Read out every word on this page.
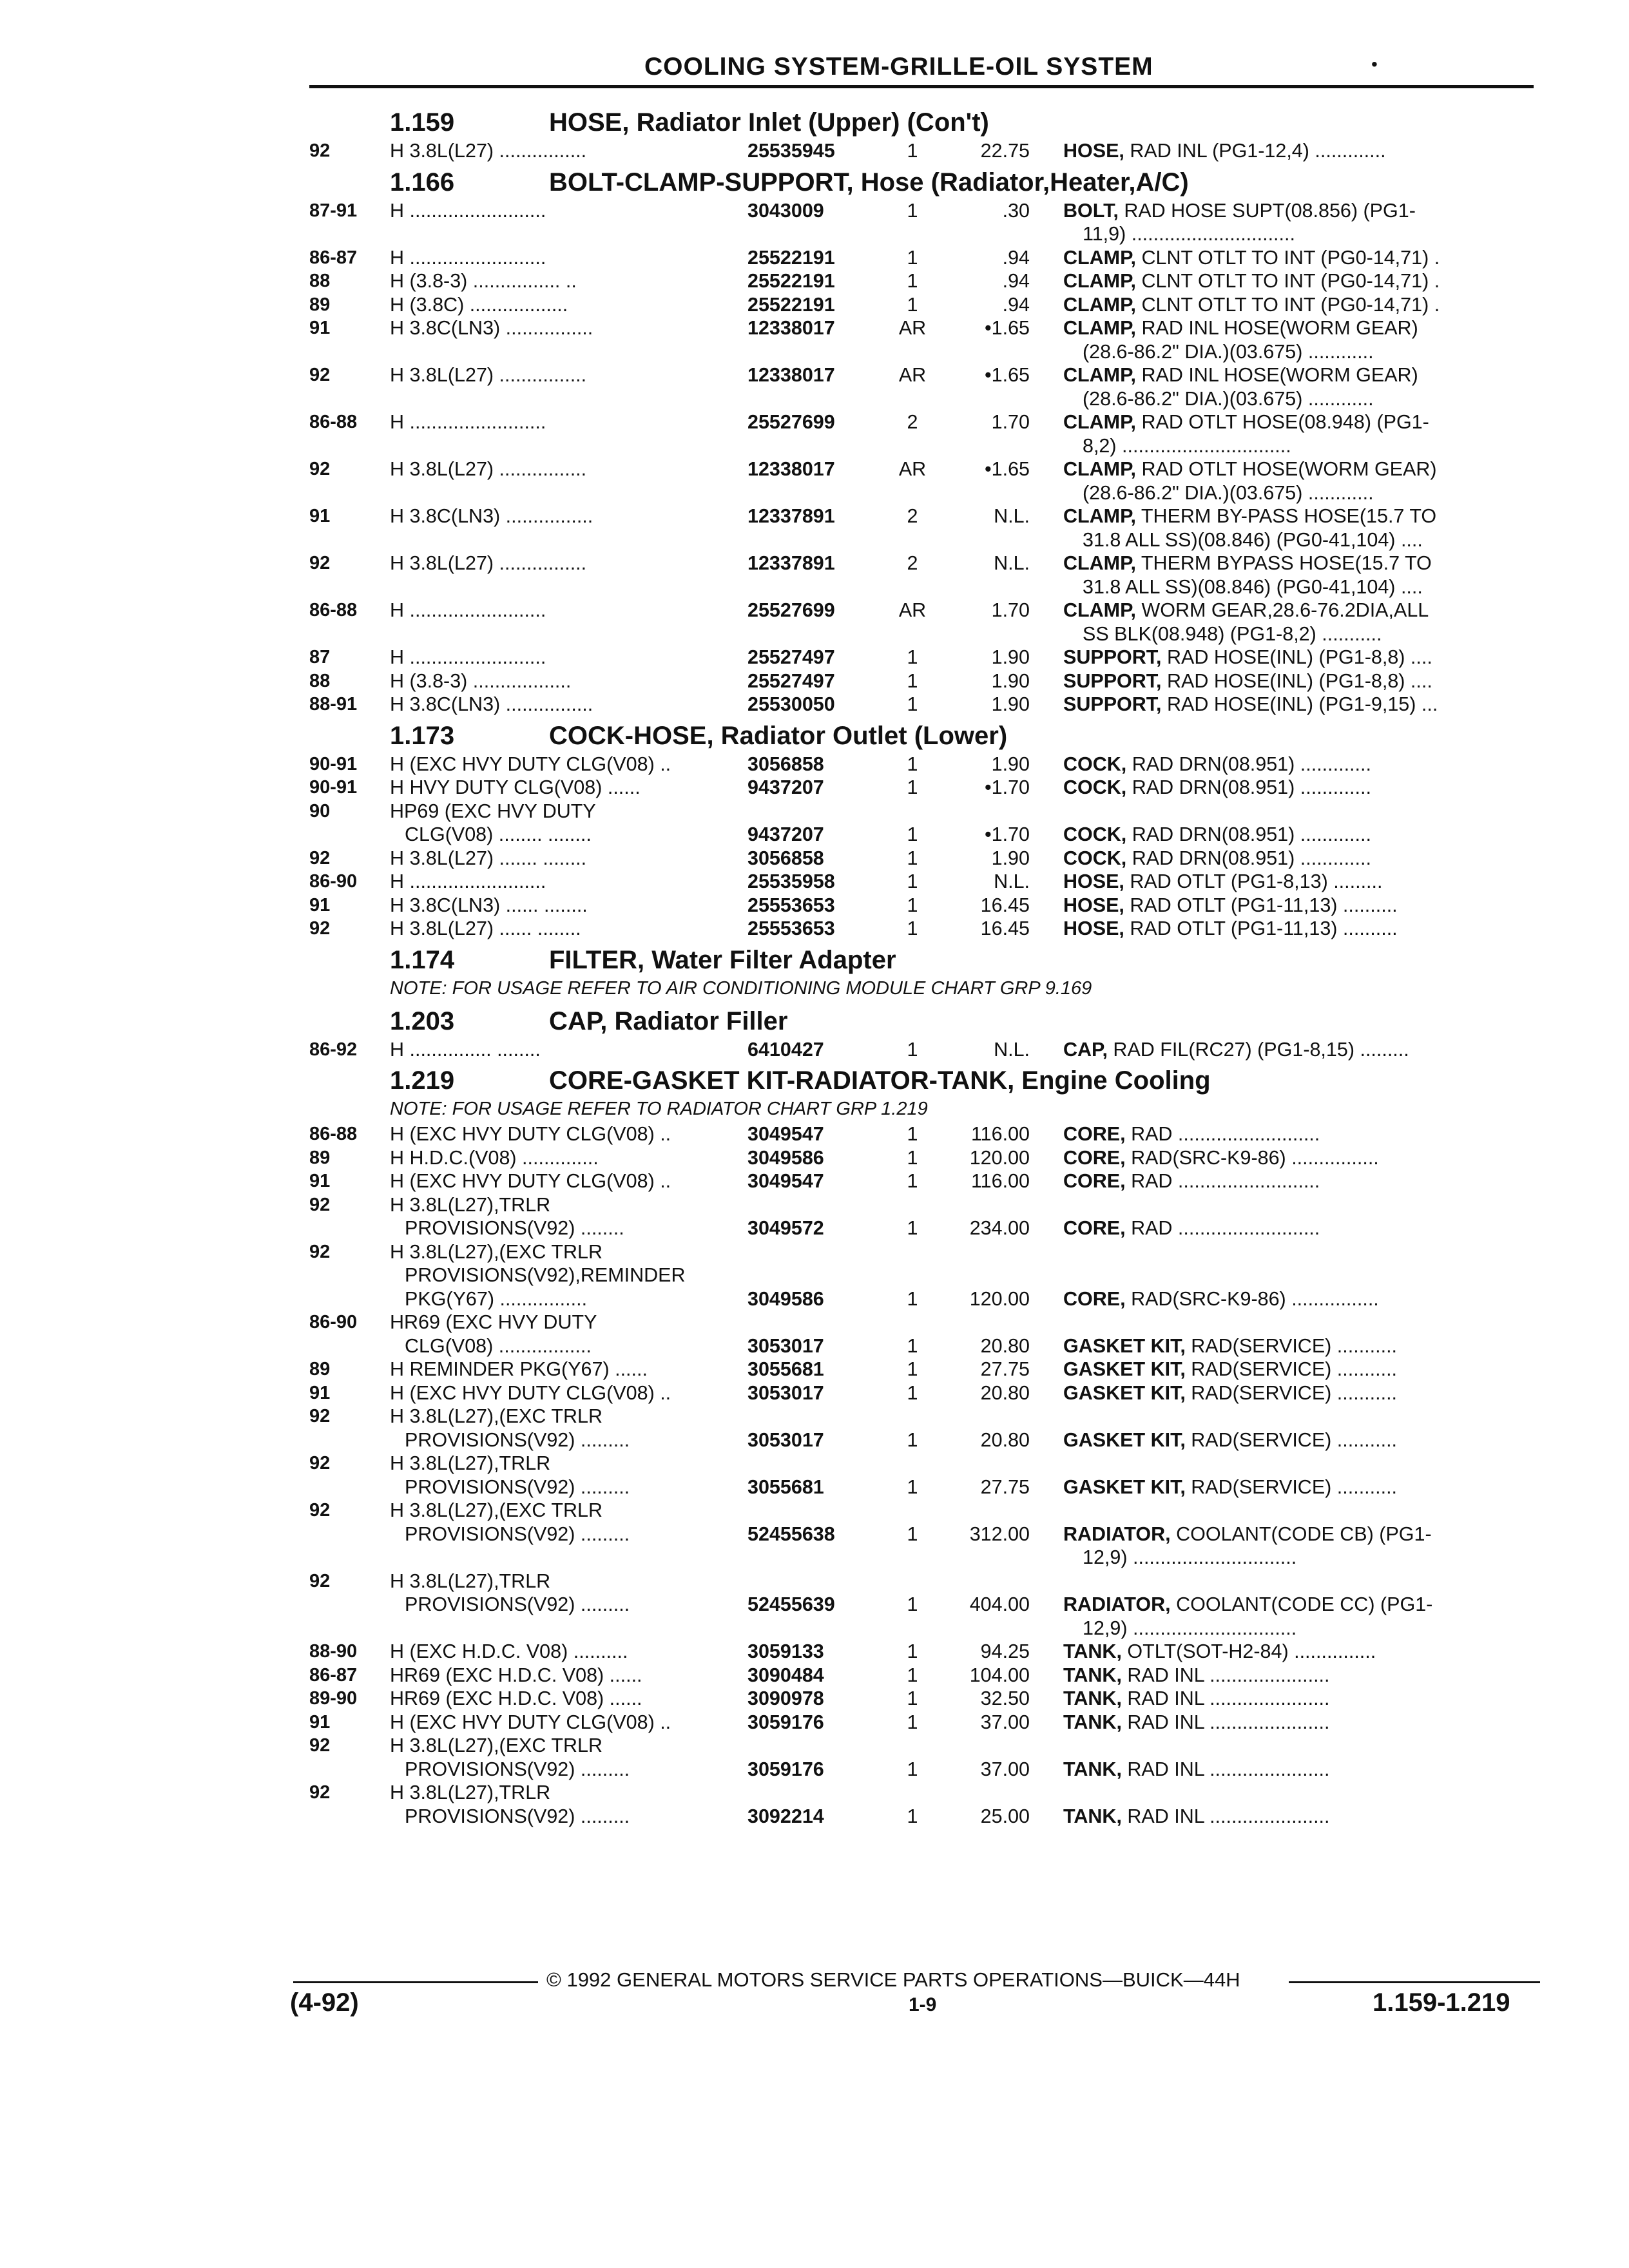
COOLING SYSTEM-GRILLE-OIL SYSTEM	•
1.159	HOSE, Radiator Inlet (Upper) (Con't)
92	H 3.8L(L27) ................	25535945	1	22.75 HOSE, RAD INL (PG1-12,4) .............
1.166	BOLT-CLAMP-SUPPORT, Hose (Radiator,Heater,A/C)
87-91 H .........................	3043009	1	.30 BOLT, RAD HOSE SUPT(08.856) (PG1-
11,9) ..............................
86-87 H .........................	25522191	1	.94 CLAMP, CLNT OTLT TO INT (PG0-14,71) .
88	H (3.8-3) ................ ..	25522191	1	.94 CLAMP, CLNT OTLT TO INT (PG0-14,71) .
89	H (3.8C) ..................	25522191	1	.94 CLAMP, CLNT OTLT TO INT (PG0-14,71) .
91	H 3.8C(LN3) ................	12338017	AR	•1.65 CLAMP, RAD INL HOSE(WORM GEAR)
(28.6-86.2" DIA.)(03.675) ............
92	H 3.8L(L27) ................	12338017	AR	•1.65 CLAMP, RAD INL HOSE(WORM GEAR)
(28.6-86.2" DIA.)(03.675) ............
86-88 H .........................	25527699	2	1.70 CLAMP, RAD OTLT HOSE(08.948) (PG1-
8,2) ...............................
92	H 3.8L(L27) ................	12338017	AR	•1.65 CLAMP, RAD OTLT HOSE(WORM GEAR)
(28.6-86.2" DIA.)(03.675) ............
91	H 3.8C(LN3) ................	12337891	2	N.L. CLAMP, THERM BY-PASS HOSE(15.7 TO
31.8 ALL SS)(08.846) (PG0-41,104) ....
92	H 3.8L(L27) ................	12337891	2	N.L. CLAMP, THERM BYPASS HOSE(15.7 TO
31.8 ALL SS)(08.846) (PG0-41,104) ....
86-88 H .........................	25527699	AR	1.70 CLAMP, WORM GEAR,28.6-76.2DIA,ALL
SS BLK(08.948) (PG1-8,2) ...........
87	H .........................	25527497	1	1.90 SUPPORT, RAD HOSE(INL) (PG1-8,8) ....
88	H (3.8-3) ..................	25527497	1	1.90 SUPPORT, RAD HOSE(INL) (PG1-8,8) ....
88-91 H 3.8C(LN3) ................	25530050	1	1.90 SUPPORT, RAD HOSE(INL) (PG1-9,15) ...
1.173	COCK-HOSE, Radiator Outlet (Lower)
90-91 H (EXC HVY DUTY CLG(V08) ..	3056858	1	1.90 COCK, RAD DRN(08.951) .............
90-91 H HVY DUTY CLG(V08) ......	9437207	1	•1.70 COCK, RAD DRN(08.951) .............
90	HP69 (EXC HVY DUTY
CLG(V08) ........ ........	9437207	1	•1.70 COCK, RAD DRN(08.951) .............
92	H 3.8L(L27) ....... ........	3056858	1	1.90 COCK, RAD DRN(08.951) .............
86-90 H .........................	25535958	1	N.L. HOSE, RAD OTLT (PG1-8,13) .........
91	H 3.8C(LN3) ...... ........	25553653	1	16.45 HOSE, RAD OTLT (PG1-11,13) ..........
92	H 3.8L(L27) ...... ........	25553653	1	16.45 HOSE, RAD OTLT (PG1-11,13) ..........
1.174	FILTER, Water Filter Adapter
NOTE: FOR USAGE REFER TO AIR CONDITIONING MODULE CHART GRP 9.169
1.203	CAP, Radiator Filler
86-92 H ............... ........	6410427	1	N.L. CAP, RAD FIL(RC27) (PG1-8,15) .........
1.219	CORE-GASKET KIT-RADIATOR-TANK, Engine Cooling
NOTE: FOR USAGE REFER TO RADIATOR CHART GRP 1.219
86-88 H (EXC HVY DUTY CLG(V08) ..	3049547	1	116.00 CORE, RAD ..........................
89	H H.D.C.(V08) ..............	3049586	1	120.00 CORE, RAD(SRC-K9-86) ................
91	H (EXC HVY DUTY CLG(V08) ..	3049547	1	116.00 CORE, RAD ..........................
92	H 3.8L(L27),TRLR
PROVISIONS(V92) ........	3049572	1	234.00 CORE, RAD ..........................
92	H 3.8L(L27),(EXC TRLR
PROVISIONS(V92),REMINDER
PKG(Y67) ................	3049586	1	120.00 CORE, RAD(SRC-K9-86) ................
86-90 HR69 (EXC HVY DUTY
CLG(V08) .................	3053017	1	20.80 GASKET KIT, RAD(SERVICE) ...........
89	H REMINDER PKG(Y67) ......	3055681	1	27.75 GASKET KIT, RAD(SERVICE) ...........
91	H (EXC HVY DUTY CLG(V08) ..	3053017	1	20.80 GASKET KIT, RAD(SERVICE) ...........
92	H 3.8L(L27),(EXC TRLR
PROVISIONS(V92) .........	3053017	1	20.80 GASKET KIT, RAD(SERVICE) ...........
92	H 3.8L(L27),TRLR
PROVISIONS(V92) .........	3055681	1	27.75 GASKET KIT, RAD(SERVICE) ...........
92	H 3.8L(L27),(EXC TRLR
PROVISIONS(V92) .........	52455638	1	312.00 RADIATOR, COOLANT(CODE CB) (PG1-
12,9) ..............................
92	H 3.8L(L27),TRLR
PROVISIONS(V92) .........	52455639	1	404.00 RADIATOR, COOLANT(CODE CC) (PG1-
12,9) ..............................
88-90 H (EXC H.D.C. V08) ..........	3059133	1	94.25 TANK, OTLT(SOT-H2-84) ...............
86-87 HR69 (EXC H.D.C. V08) ......	3090484	1	104.00 TANK, RAD INL ......................
89-90 HR69 (EXC H.D.C. V08) ......	3090978	1	32.50 TANK, RAD INL ......................
91	H (EXC HVY DUTY CLG(V08) ..	3059176	1	37.00 TANK, RAD INL ......................
92	H 3.8L(L27),(EXC TRLR
PROVISIONS(V92) .........	3059176	1	37.00 TANK, RAD INL ......................
92	H 3.8L(L27),TRLR
PROVISIONS(V92) .........	3092214	1	25.00 TANK, RAD INL ......................
© 1992 GENERAL MOTORS SERVICE PARTS OPERATIONS—BUICK—44H
(4-92)	1-9	1.159-1.219
